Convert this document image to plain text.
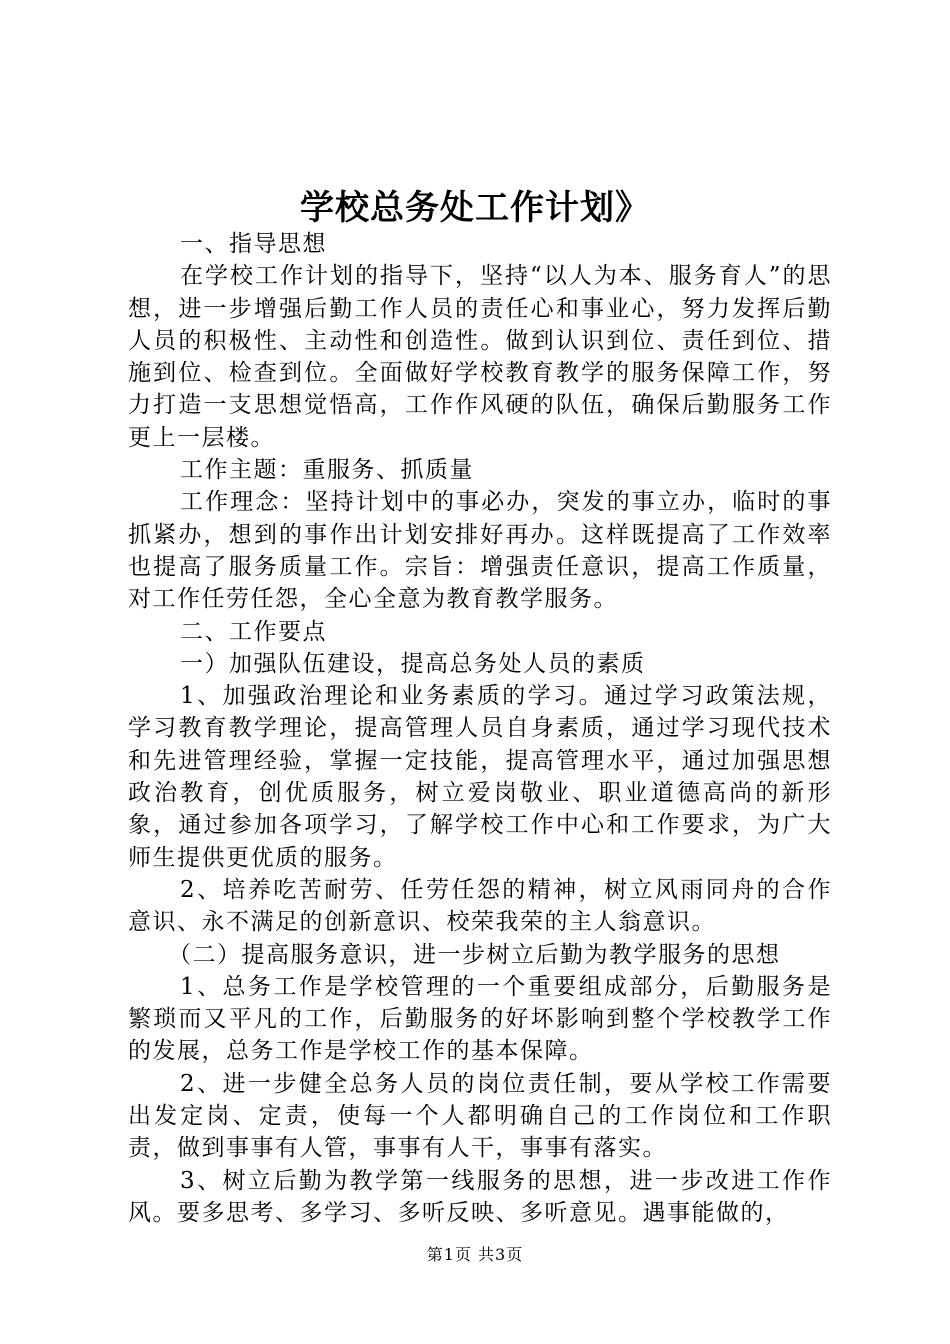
学校总务处工作计划》

一、指导思想

在学校工作计划的指导下，坚持“以人为本、服务育人”的思想，进一步增强后勤工作人员的责任心和事业心，努力发挥后勤人员的积极性、主动性和创造性。做到认识到位、责任到位、措施到位、检查到位。全面做好学校教育教学的服务保障工作，努力打造一支思想觉悟高，工作作风硬的队伍，确保后勤服务工作更上一层楼。

工作主题：重服务、抓质量

工作理念：坚持计划中的事必办，突发的事立办，临时的事抓紧办，想到的事作出计划安排好再办。这样既提高了工作效率也提高了服务质量工作。宗旨：增强责任意识，提高工作质量，对工作任劳任怨，全心全意为教育教学服务。

二、工作要点

一）加强队伍建设，提高总务处人员的素质

1、加强政治理论和业务素质的学习。通过学习政策法规，学习教育教学理论，提高管理人员自身素质，通过学习现代技术和先进管理经验，掌握一定技能，提高管理水平，通过加强思想政治教育，创优质服务，树立爱岗敬业、职业道德高尚的新形象，通过参加各项学习，了解学校工作中心和工作要求，为广大师生提供更优质的服务。

2、培养吃苦耐劳、任劳任怨的精神，树立风雨同舟的合作意识、永不满足的创新意识、校荣我荣的主人翁意识。

（二）提高服务意识，进一步树立后勤为教学服务的思想

1、总务工作是学校管理的一个重要组成部分，后勤服务是繁琐而又平凡的工作，后勤服务的好坏影响到整个学校教学工作的发展，总务工作是学校工作的基本保障。

2、进一步健全总务人员的岗位责任制，要从学校工作需要出发定岗、定责，使每一个人都明确自己的工作岗位和工作职责，做到事事有人管，事事有人干，事事有落实。

3、树立后勤为教学第一线服务的思想，进一步改进工作作风。要多思考、多学习、多听反映、多听意见。遇事能做的，

第1页 共3页
